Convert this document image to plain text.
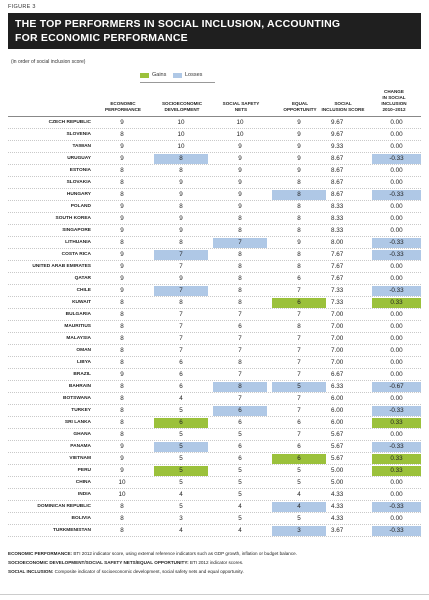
FIGURE 3
THE TOP PERFORMERS IN SOCIAL INCLUSION, ACCOUNTING
FOR ECONOMIC PERFORMANCE
(in order of social inclusion score)
Gains	Losses
ECONOMIC
PERFORMANCE
SOCIOECONOMIC
DEVELOPMENT
SOCIAL SAFETY
NETS
EQUAL
OPPORTUNITY
SOCIAL
INCLUSION SCORE
CHANGE
IN SOCIAL
INCLUSION
2010–2012
CZECH REPUBLIC	9	10	10	9	9.67	0.00
SLOVENIA	8	10	10	9	9.67	0.00
TAIWAN	9	10	9	9	9.33	0.00
URUGUAY	9	8	9	9	8.67	-0.33
ESTONIA	8	8	9	9	8.67	0.00
SLOVAKIA	8	9	9	8	8.67	0.00
HUNGARY	8	9	9	8	8.67	-0.33
POLAND	9	8	9	8	8.33	0.00
SOUTH KOREA	9	9	8	8	8.33	0.00
SINGAPORE	9	9	8	8	8.33	0.00
LITHUANIA	8	8	7	9	8.00	-0.33
COSTA RICA	9	7	8	8	7.67	-0.33
UNITED ARAB EMIRATES	9	7	8	8	7.67	0.00
QATAR	9	9	8	6	7.67	0.00
CHILE	9	7	8	7	7.33	-0.33
KUWAIT	8	8	8	6	7.33	0.33
BULGARIA	8	7	7	7	7.00	0.00
MAURITIUS	8	7	6	8	7.00	0.00
MALAYSIA	8	7	7	7	7.00	0.00
OMAN	8	7	7	7	7.00	0.00
LIBYA	8	6	8	7	7.00	0.00
BRAZIL	9	6	7	7	6.67	0.00
BAHRAIN	8	6	8	5	6.33	-0.67
BOTSWANA	8	4	7	7	6.00	0.00
TURKEY	8	5	6	7	6.00	-0.33
SRI LANKA	8	6	6	6	6.00	0.33
GHANA	8	5	5	7	5.67	0.00
PANAMA	9	5	6	6	5.67	-0.33
VIETNAM	9	5	6	6	5.67	0.33
PERU	9	5	5	5	5.00	0.33
CHINA	10	5	5	5	5.00	0.00
INDIA	10	4	5	4	4.33	0.00
DOMINICAN REPUBLIC	8	5	4	4	4.33	-0.33
BOLIVIA	8	3	5	5	4.33	0.00
TURKMENISTAN	8	4	4	3	3.67	-0.33
ECONOMIC PERFORMANCE: BTI 2012 indicator score, using external reference indicators such as GDP growth, inflation or budget balance.
SOCIOECONOMIC DEVELOPMENT/SOCIAL SAFETY NETS/EQUAL OPPORTUNITY: BTI 2012 indicator scores.
SOCIAL INCLUSION: Composite indicator of socioeconomic development, social safety nets and equal opportunity.
